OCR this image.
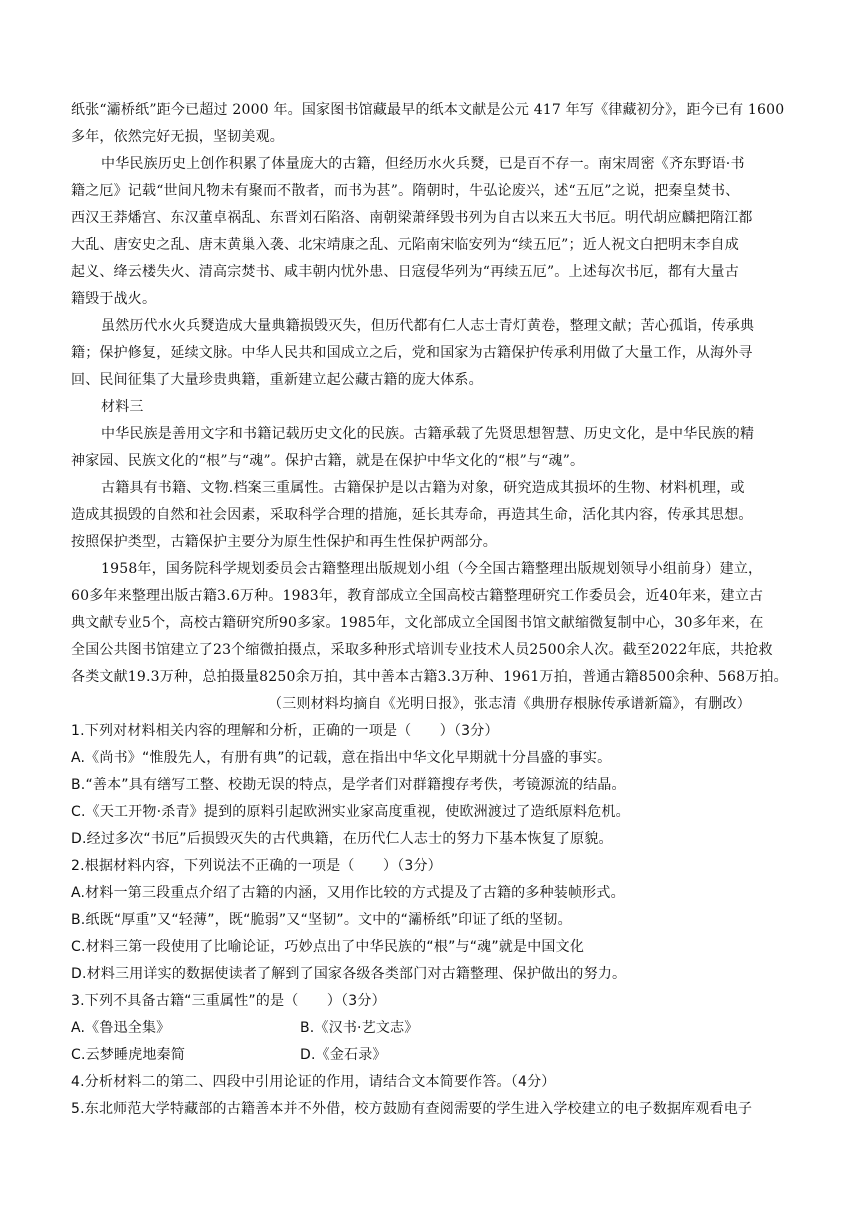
纸张“灞桥纸”距今已超过 2000 年。国家图书馆藏最早的纸本文献是公元 417 年写《律藏初分》，距今已有 1600
多年，依然完好无损，坚韧美观。
中华民族历史上创作积累了体量庞大的古籍，但经历水火兵燹，已是百不存一。南宋周密《齐东野语·书
籍之厄》记载“世间凡物未有聚而不散者，而书为甚”。隋朝时，牛弘论废兴，述“五厄”之说，把秦皇焚书、
西汉王莽燔宫、东汉董卓祸乱、东晋刘石陷洛、南朝梁萧绎毁书列为自古以来五大书厄。明代胡应麟把隋江都
大乱、唐安史之乱、唐末黄巢入袭、北宋靖康之乱、元陷南宋临安列为“续五厄”；近人祝文白把明末李自成
起义、绛云楼失火、清高宗焚书、咸丰朝内忧外患、日寇侵华列为“再续五厄”。上述每次书厄，都有大量古
籍毁于战火。
虽然历代水火兵燹造成大量典籍损毁灭失，但历代都有仁人志士青灯黄卷，整理文献；苦心孤诣，传承典
籍；保护修复，延续文脉。中华人民共和国成立之后，党和国家为古籍保护传承利用做了大量工作，从海外寻
回、民间征集了大量珍贵典籍，重新建立起公藏古籍的庞大体系。
材料三
中华民族是善用文字和书籍记载历史文化的民族。古籍承载了先贤思想智慧、历史文化，是中华民族的精
神家园、民族文化的“根”与“魂”。保护古籍，就是在保护中华文化的“根”与“魂”。
古籍具有书籍、文物.档案三重属性。古籍保护是以古籍为对象，研究造成其损坏的生物、材料机理，或
造成其损毁的自然和社会因素，采取科学合理的措施，延长其寿命，再造其生命，活化其内容，传承其思想。
按照保护类型，古籍保护主要分为原生性保护和再生性保护两部分。
1958年，国务院科学规划委员会古籍整理出版规划小组（今全国古籍整理出版规划领导小组前身）建立，
60多年来整理出版古籍3.6万种。1983年，教育部成立全国高校古籍整理研究工作委员会，近40年来，建立古
典文献专业5个，高校古籍研究所90多家。1985年，文化部成立全国图书馆文献缩微复制中心，30多年来，在
全国公共图书馆建立了23个缩微拍摄点，采取多种形式培训专业技术人员2500余人次。截至2022年底，共抢救
各类文献19.3万种，总拍摄量8250余万拍，其中善本古籍3.3万种、1961万拍，普通古籍8500余种、568万拍。
（三则材料均摘自《光明日报》，张志清《典册存根脉传承谱新篇》，有删改）
1.下列对材料相关内容的理解和分析，正确的一项是（　　）（3分）
A.《尚书》“惟殷先人，有册有典”的记载，意在指出中华文化早期就十分昌盛的事实。
B.“善本”具有缮写工整、校勘无误的特点，是学者们对群籍搜存考佚，考镜源流的结晶。
C.《天工开物·杀青》提到的原料引起欧洲实业家高度重视，使欧洲渡过了造纸原料危机。
D.经过多次“书厄”后损毁灭失的古代典籍，在历代仁人志士的努力下基本恢复了原貌。
2.根据材料内容，下列说法不正确的一项是（　　）（3分）
A.材料一第三段重点介绍了古籍的内涵，又用作比较的方式提及了古籍的多种装帧形式。
B.纸既“厚重”又“轻薄”，既“脆弱”又“坚韧”。文中的“灞桥纸”印证了纸的坚韧。
C.材料三第一段使用了比喻论证，巧妙点出了中华民族的“根”与“魂”就是中国文化
D.材料三用详实的数据使读者了解到了国家各级各类部门对古籍整理、保护做出的努力。
3.下列不具备古籍“三重属性”的是（　　）（3分）
A.《鲁迅全集》	B.《汉书·艺文志》
C.云梦睡虎地秦简	D.《金石录》
4.分析材料二的第二、四段中引用论证的作用，请结合文本简要作答。（4分）
5.东北师范大学特藏部的古籍善本并不外借，校方鼓励有查阅需要的学生进入学校建立的电子数据库观看电子
